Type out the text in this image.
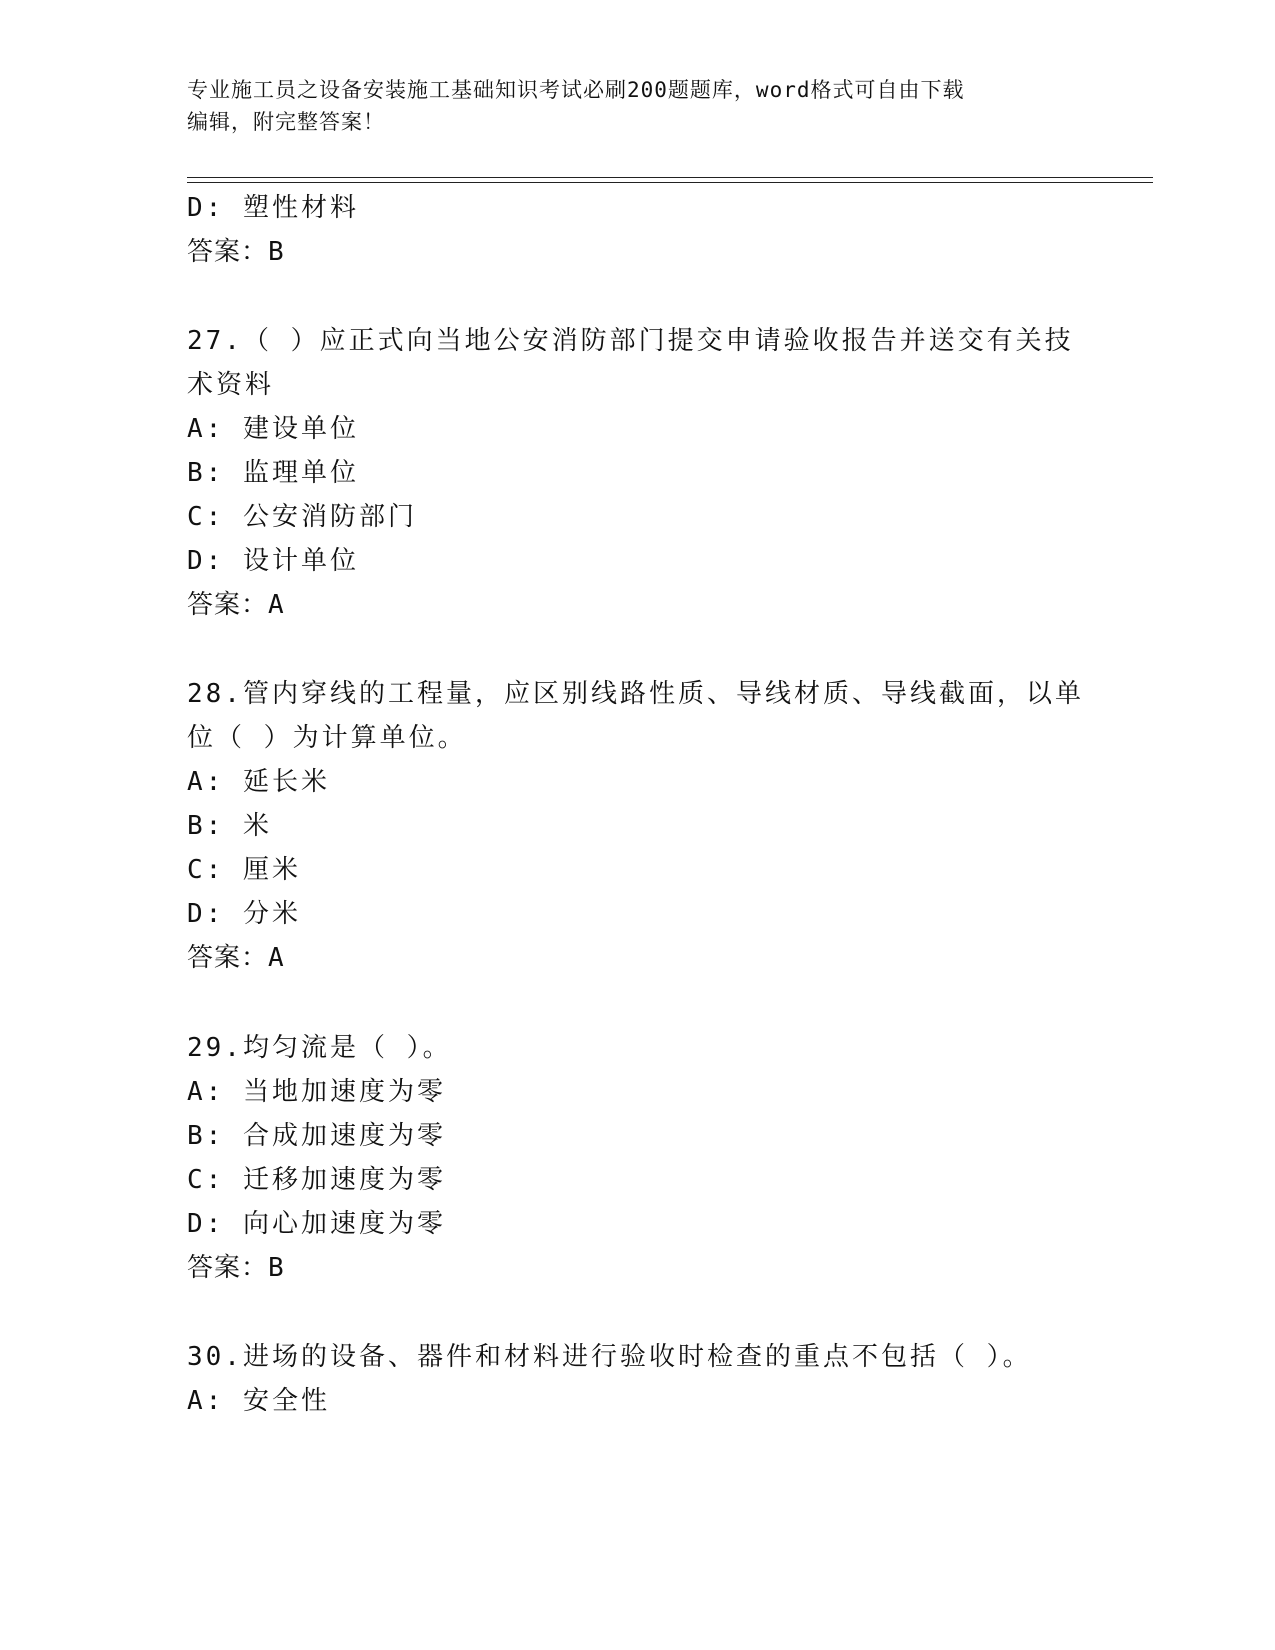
专业施工员之设备安装施工基础知识考试必刷200题题库，word格式可自由下载
编辑，附完整答案！
D: 塑性材料
答案：B
27.（ ）应正式向当地公安消防部门提交申请验收报告并送交有关技
术资料
A: 建设单位
B: 监理单位
C: 公安消防部门
D: 设计单位
答案：A
28.管内穿线的工程量，应区别线路性质、导线材质、导线截面，以单
位（ ）为计算单位。
A: 延长米
B: 米
C: 厘米
D: 分米
答案：A
29.均匀流是（ ）。
A: 当地加速度为零
B: 合成加速度为零
C: 迁移加速度为零
D: 向心加速度为零
答案：B
30.进场的设备、器件和材料进行验收时检查的重点不包括（ ）。
A: 安全性
